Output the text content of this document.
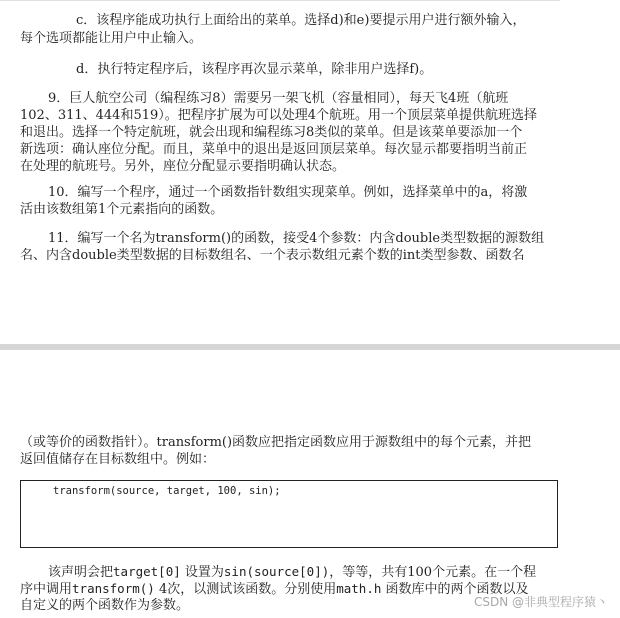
c．该程序能成功执行上面给出的菜单。选择d)和e)要提示用户进行额外输入，

每个选项都能让用户中止输入。

d．执行特定程序后，该程序再次显示菜单，除非用户选择f)。

9．巨人航空公司（编程练习8）需要另一架飞机（容量相同），每天飞4班（航班

102、311、444和519）。把程序扩展为可以处理4个航班。用一个顶层菜单提供航班选择

和退出。选择一个特定航班，就会出现和编程练习8类似的菜单。但是该菜单要添加一个

新选项：确认座位分配。而且，菜单中的退出是返回顶层菜单。每次显示都要指明当前正

在处理的航班号。另外，座位分配显示要指明确认状态。

10．编写一个程序，通过一个函数指针数组实现菜单。例如，选择菜单中的a，将激

活由该数组第1个元素指向的函数。

11．编写一个名为transform()的函数，接受4个参数：内含double类型数据的源数组

名、内含double类型数据的目标数组名、一个表示数组元素个数的int类型参数、函数名

（或等价的函数指针）。transform()函数应把指定函数应用于源数组中的每个元素，并把

返回值储存在目标数组中。例如：

transform(source, target, 100, sin);

该声明会把target[0] 设置为sin(source[0])，等等，共有100个元素。在一个程

序中调用transform() 4次，以测试该函数。分别使用math.h 函数库中的两个函数以及

自定义的两个函数作为参数。	CSDN @非典型程序猿丶
